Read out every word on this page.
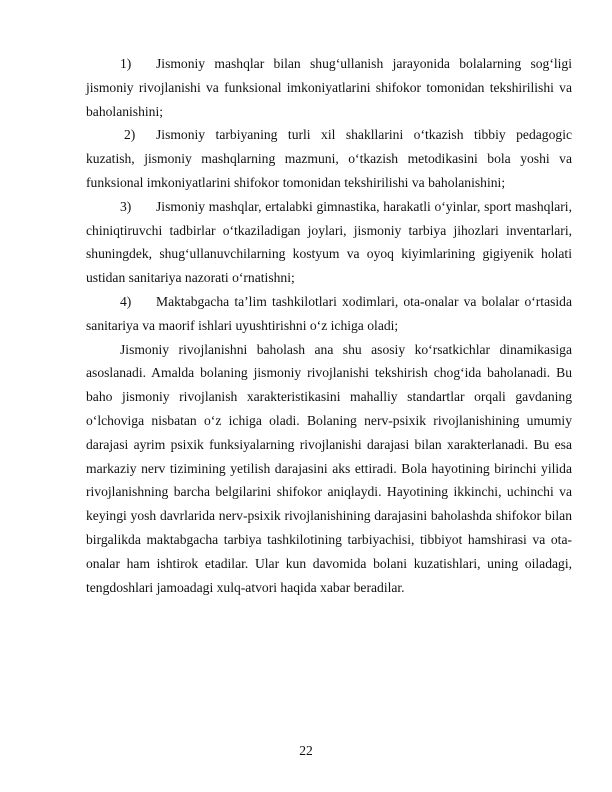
1) Jismoniy mashqlar bilan shug‘ullanish jarayonida bolalarning sog‘ligi jismoniy rivojlanishi va funksional imkoniyatlarini shifokor tomonidan tekshirilishi va baholanishini;

2) Jismoniy tarbiyaning turli xil shakllarini o‘tkazish tibbiy pedagogic kuzatish, jismoniy mashqlarning mazmuni, o‘tkazish metodikasini bola yoshi va funksional imkoniyatlarini shifokor tomonidan tekshirilishi va baholanishini;

3) Jismoniy mashqlar, ertalabki gimnastika, harakatli o‘yinlar, sport mashqlari, chiniqtiruvchi tadbirlar o‘tkaziladigan joylari, jismoniy tarbiya jihozlari inventarlari, shuningdek, shug‘ullanuvchilarning kostyum va oyoq kiyimlarining gigiyenik holati ustidan sanitariya nazorati o‘rnatishni;

4) Maktabgacha ta’lim tashkilotlari xodimlari, ota-onalar va bolalar o‘rtasida sanitariya va maorif ishlari uyushtirishni o‘z ichiga oladi;

Jismoniy rivojlanishni baholash ana shu asosiy ko‘rsatkichlar dinamikasiga asoslanadi. Amalda bolaning jismoniy rivojlanishi tekshirish chog‘ida baholanadi. Bu baho jismoniy rivojlanish xarakteristikasini mahalliy standartlar orqali gavdaning o‘lchoviga nisbatan o‘z ichiga oladi. Bolaning nerv-psixik rivojlanishining umumiy darajasi ayrim psixik funksiyalarning rivojlanishi darajasi bilan xarakterlanadi. Bu esa markaziy nerv tizimining yetilish darajasini aks ettiradi. Bola hayotining birinchi yilida rivojlanishning barcha belgilarini shifokor aniqlaydi. Hayotining ikkinchi, uchinchi va keyingi yosh davrlarida nerv-psixik rivojlanishining darajasini baholashda shifokor bilan birgalikda maktabgacha tarbiya tashkilotining tarbiyachisi, tibbiyot hamshirasi va ota- onalar ham ishtirok etadilar. Ular kun davomida bolani kuzatishlari, uning oiladagi, tengdoshlari jamoadagi xulq-atvori haqida xabar beradilar.

22
